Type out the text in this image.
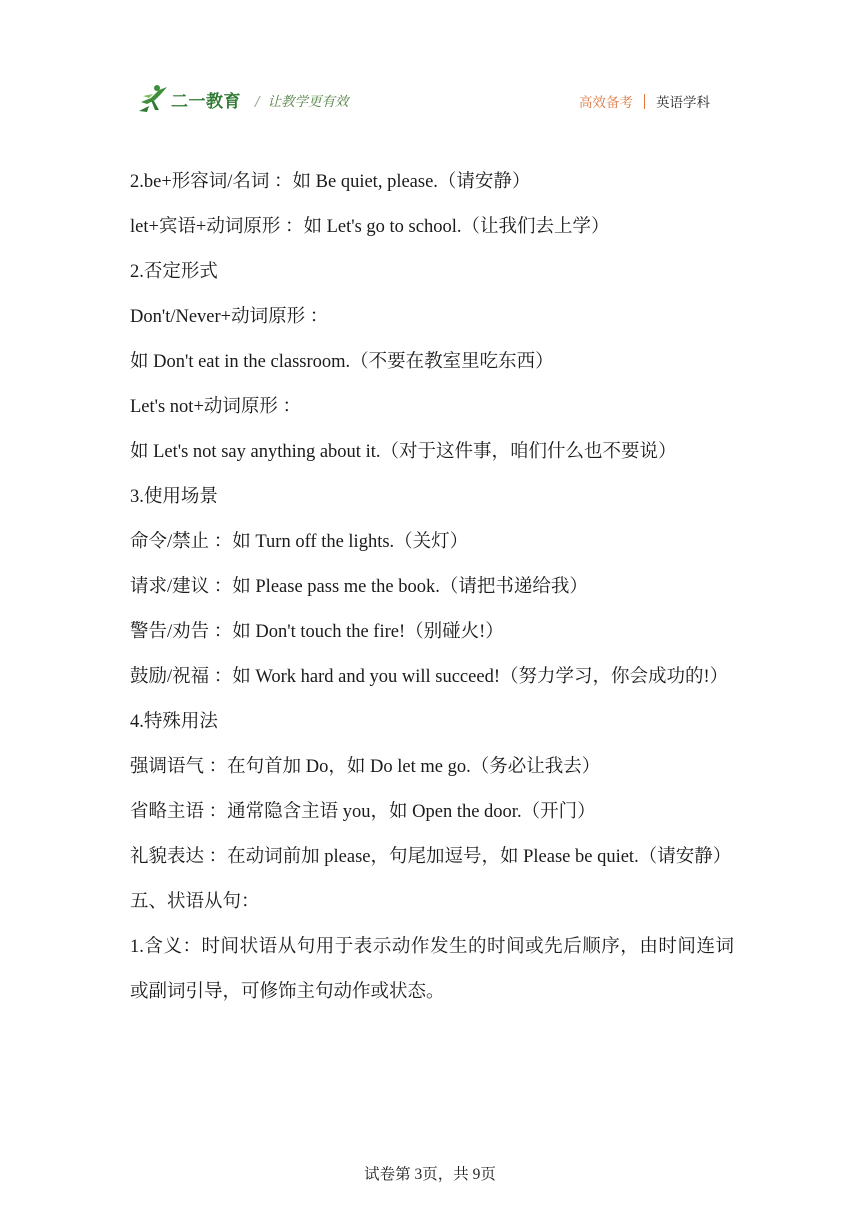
二一教育 / 让教学更有效	高效备考 英语学科
2.be+形容词/名词 ：如 Be quiet, please.（请安静）
let+宾语+动词原形 ：如 Let's go to school.（让我们去上学）
2.否定形式
Don't/Never+动词原形 ：
如 Don't eat in the classroom.（不要在教室里吃东西）
Let's not+动词原形 ：
如 Let's not say anything about it.（对于这件事，咱们什么也不要说）
3.使用场景
命令/禁止 ：如 Turn off the lights.（关灯）
请求/建议 ：如 Please pass me the book.（请把书递给我）
警告/劝告 ：如 Don't touch the fire!（别碰火!）
鼓励/祝福 ：如 Work hard and you will succeed!（努力学习，你会成功的!）
4.特殊用法
强调语气 ：在句首加 Do，如 Do let me go.（务必让我去）
省略主语 ：通常隐含主语 you，如 Open the door.（开门）
礼貌表达 ：在动词前加 please，句尾加逗号，如 Please be quiet.（请安静）
五、状语从句：
1.含义：时间状语从句用于表示动作发生的时间或先后顺序，由时间连词或副词引导，可修饰主句动作或状态。
试卷第 3页，共 9页
